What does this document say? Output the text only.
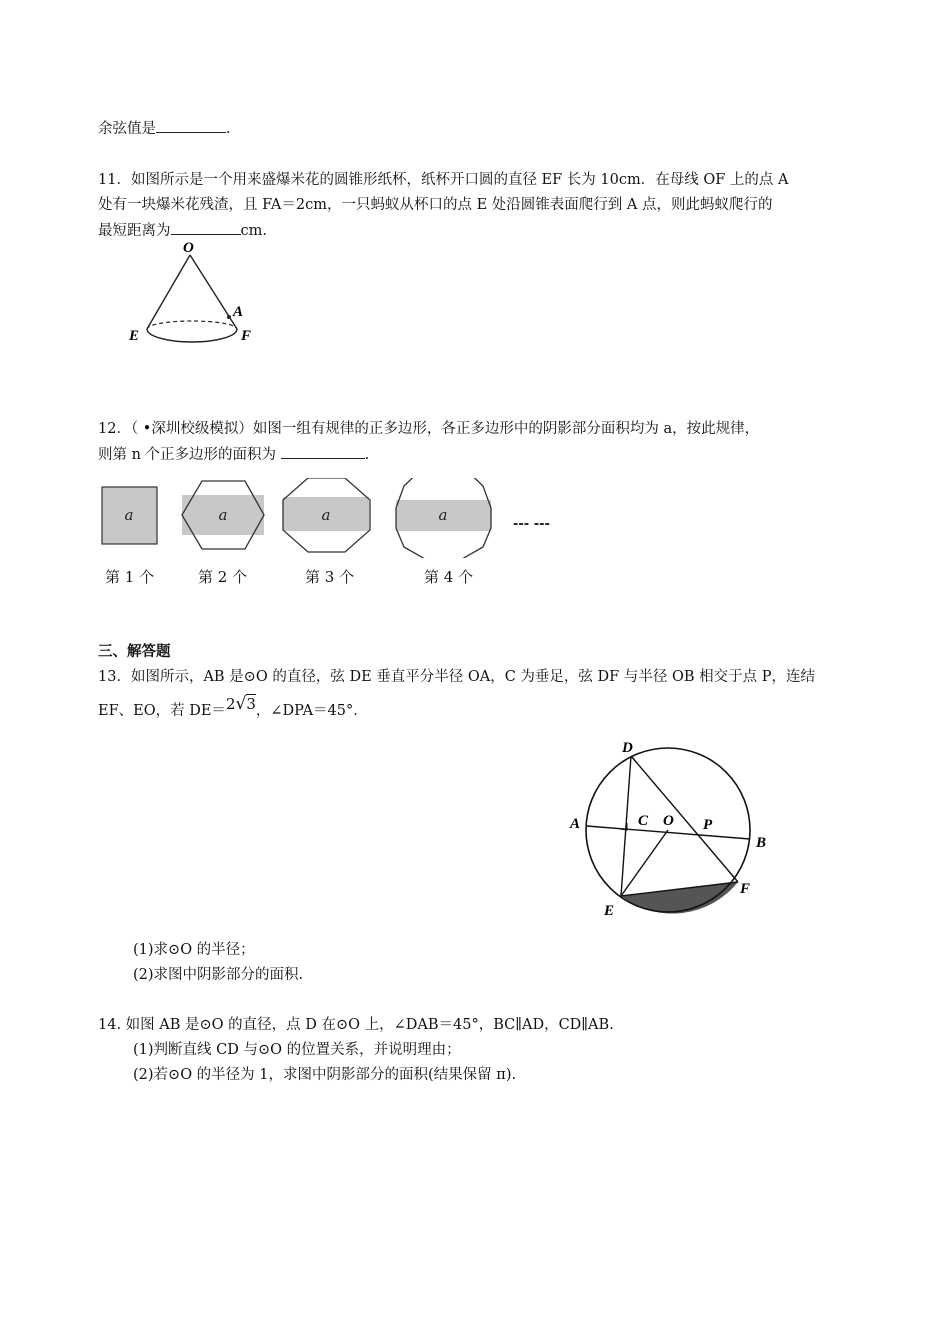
余弦值是	.
11．如图所示是一个用来盛爆米花的圆锥形纸杯，纸杯开口圆的直径 EF 长为 10cm．在母线 OF 上的点 A
处有一块爆米花残渣，且 FA＝2cm，一只蚂蚁从杯口的点 E 处沿圆锥表面爬行到 A 点，则此蚂蚁爬行的
最短距离为	cm.
O
A
E	F
12．（ •深圳校级模拟）如图一组有规律的正多边形，各正多边形中的阴影部分面积均为 a，按此规律，
则第 n 个正多边形的面积为	.
a	a	a	a
--- ---
第 1 个	第 2 个	第 3 个	第 4 个
三、解答题
13．如图所示，AB 是⊙O 的直径，弦 DE 垂直平分半径 OA，C 为垂足，弦 DF 与半径 OB 相交于点 P，连结
EF、EO，若 DE＝2√3，∠DPA＝45°．
D
A	C O P
B
E
F
(1)求⊙O 的半径；
(2)求图中阴影部分的面积.
14. 如图 AB 是⊙O 的直径，点 D 在⊙O 上，∠DAB＝45°，BC∥AD，CD∥AB.
(1)判断直线 CD 与⊙O 的位置关系，并说明理由；
(2)若⊙O 的半径为 1，求图中阴影部分的面积(结果保留 π).
